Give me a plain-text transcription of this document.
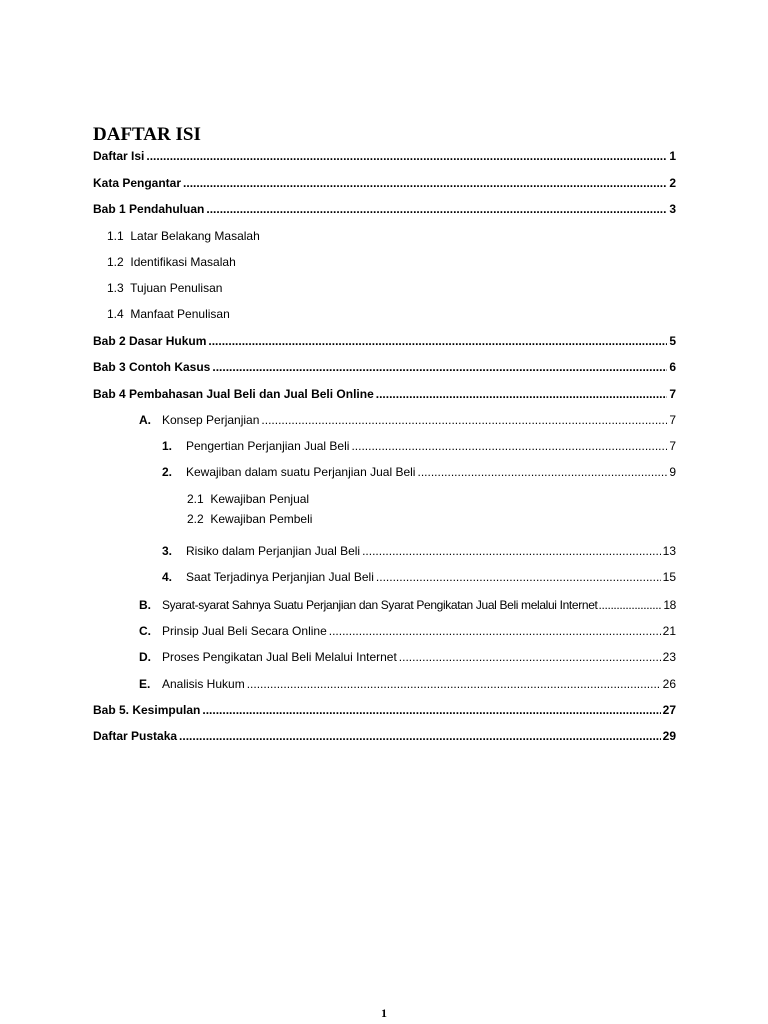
DAFTAR ISI
Daftar Isi .....	1
Kata Pengantar .....	2
Bab 1 Pendahuluan .....	3
1.1 Latar Belakang Masalah
1.2 Identifikasi Masalah
1.3 Tujuan Penulisan
1.4 Manfaat Penulisan
Bab 2 Dasar Hukum .....	5
Bab 3 Contoh Kasus .....	6
Bab 4 Pembahasan Jual Beli dan Jual Beli Online .....	7
A. Konsep Perjanjian .....	7
1.	Pengertian Perjanjian Jual Beli .....	7
2.	Kewajiban dalam suatu Perjanjian Jual Beli .....	9
2.1 Kewajiban Penjual
2.2 Kewajiban Pembeli
3.	Risiko dalam Perjanjian Jual Beli .....	13
4.	Saat Terjadinya Perjanjian Jual Beli .....	15
B. Syarat-syarat Sahnya Suatu Perjanjian dan Syarat Pengikatan Jual Beli melalui Internet .....	18
C. Prinsip Jual Beli Secara Online .....	21
D. Proses Pengikatan Jual Beli Melalui Internet .....	23
E. Analisis Hukum .....	26
Bab 5. Kesimpulan .....	27
Daftar Pustaka .....	29
1
